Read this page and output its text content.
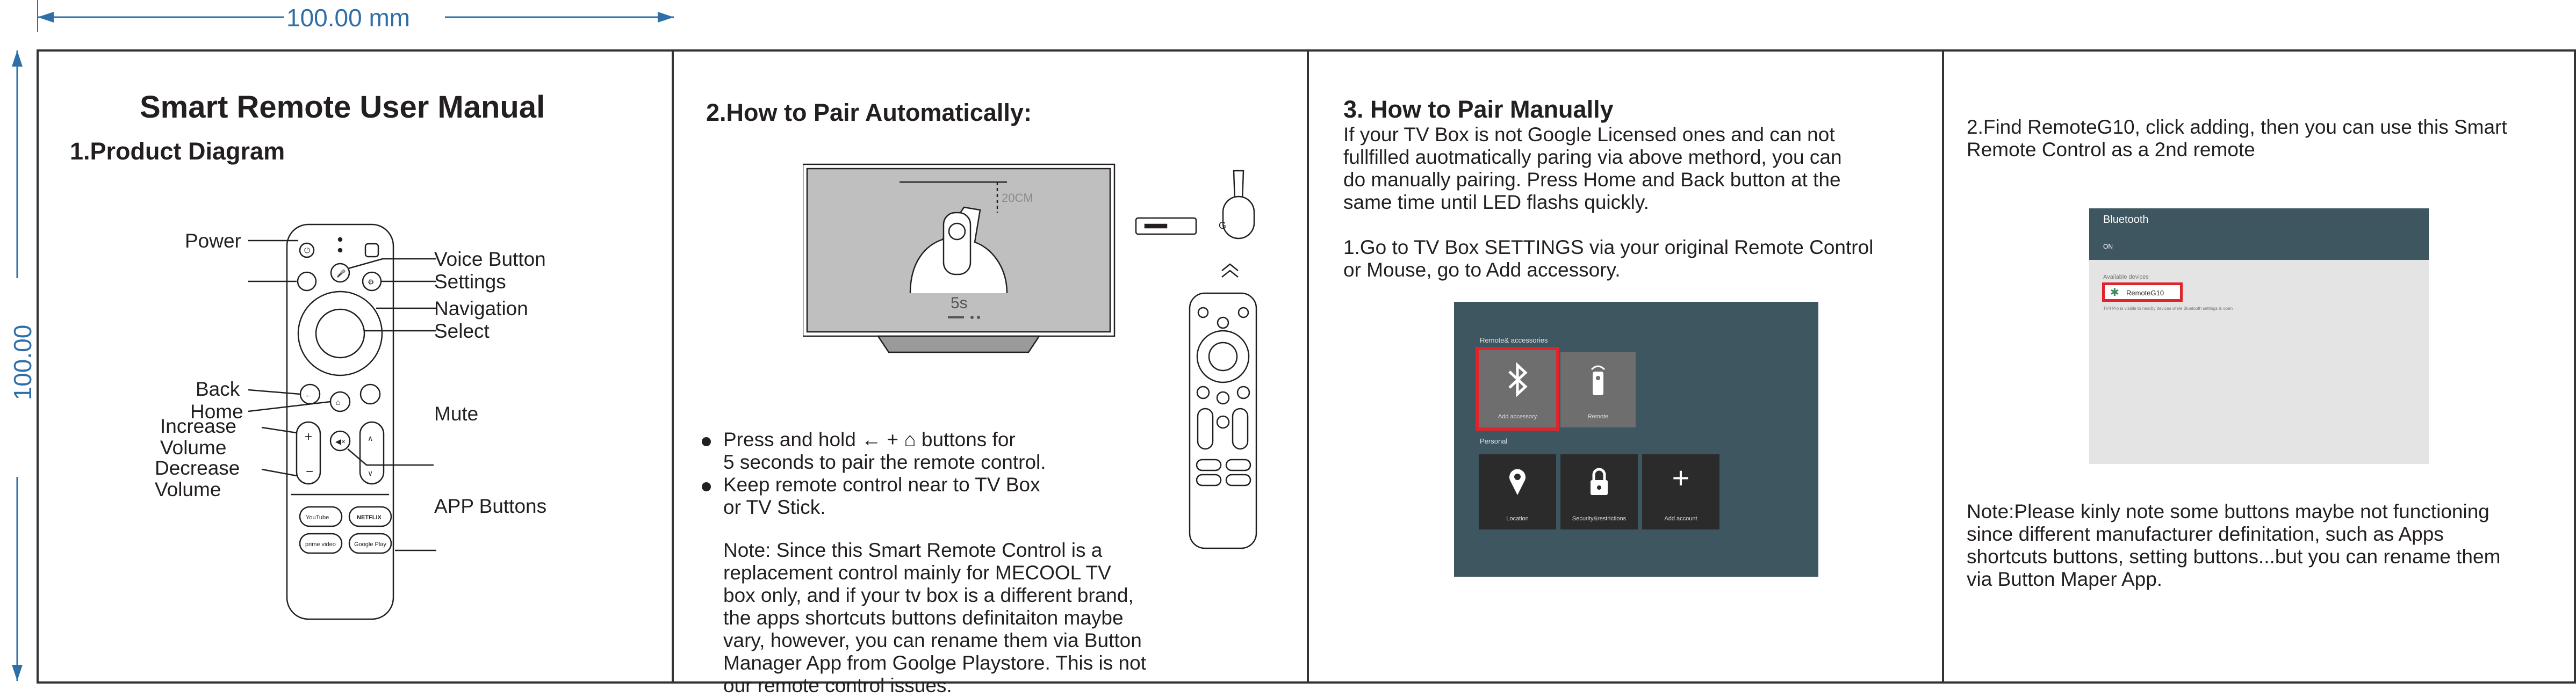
100.00 mm
100.00
Smart Remote User Manual
1.Product Diagram
⏻
🎤
⚙
←
⌂
+
−
◀×	∧
∨
YouTube	NETFLIX
prime video	Google Play
Power
Voice Button
Settings
Navigation
Select
Back
Home	Mute
Increase
Volume
Decrease
Volume
APP Buttons
2.How to Pair Automatically:
20CM
5s
G
Press and hold ← + ⌂ buttons for
5 seconds to pair the remote control.
Keep remote control near to TV Box
or TV Stick.
Note: Since this Smart Remote Control is a
replacement control mainly for MECOOL TV
box only, and if your tv box is a different brand,
the apps shortcuts buttons definitaiton maybe
vary, however, you can rename them via Button
Manager App from Goolge Playstore. This is not
our remote control issues.
3. How to Pair Manually
If your TV Box is not Google Licensed ones and can not
fullfilled auotmatically paring via above methord, you can
do manually pairing. Press Home and Back button at the
same time until LED flashs quickly.
1.Go to TV Box SETTINGS via your original Remote Control
or Mouse, go to Add accessory.
Remote& accessories
Add accessory	Remote
Personal
Location	Security&restrictions
+
Add account
2.Find RemoteG10, click adding, then you can use this Smart
Remote Control as a 2nd remote
Bluetooth
ON
Available devices
✱ RemoteG10
TV4 Pro is visible to nearby devices while Bluetooth settings is open
Note:Please kinly note some buttons maybe not functioning
since different manufacturer definitation, such as Apps
shortcuts buttons, setting buttons...but you can rename them
via Button Maper App.
